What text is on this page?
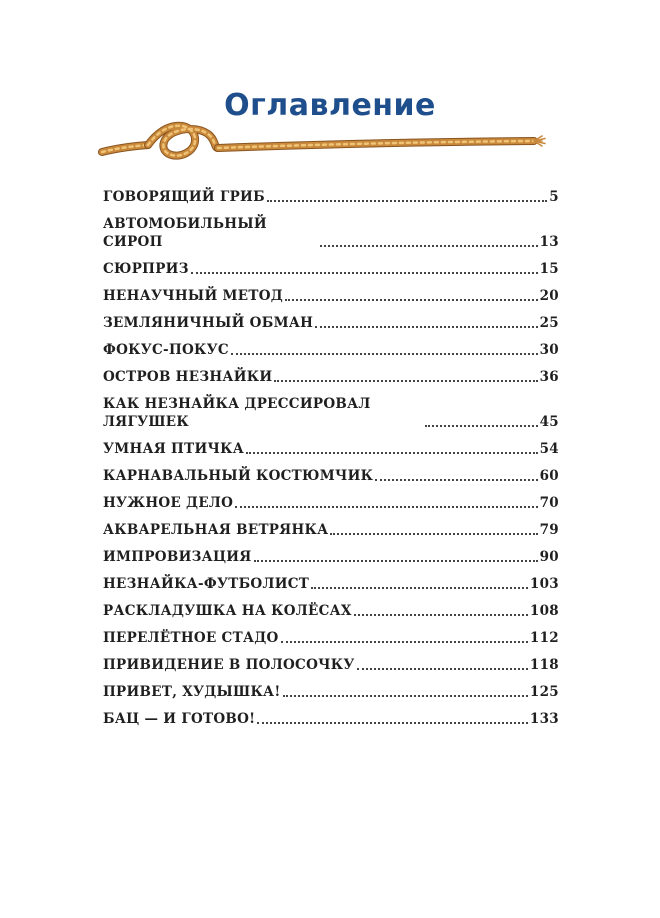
Оглавление
ГОВОРЯЩИЙ ГРИБ	5
АВТОМОБИЛЬНЫЙ СИРОП	13
СЮРПРИЗ	15
НЕНАУЧНЫЙ МЕТОД	20
ЗЕМЛЯНИЧНЫЙ ОБМАН	25
ФОКУС-ПОКУС	30
ОСТРОВ НЕЗНАЙКИ	36
КАК НЕЗНАЙКА ДРЕССИРОВАЛ ЛЯГУШЕК	45
УМНАЯ ПТИЧКА	54
КАРНАВАЛЬНЫЙ КОСТЮМЧИК	60
НУЖНОЕ ДЕЛО	70
АКВАРЕЛЬНАЯ ВЕТРЯНКА	79
ИМПРОВИЗАЦИЯ	90
НЕЗНАЙКА-ФУТБОЛИСТ	103
РАСКЛАДУШКА НА КОЛЁСАХ	108
ПЕРЕЛЁТНОЕ СТАДО	112
ПРИВИДЕНИЕ В ПОЛОСОЧКУ	118
ПРИВЕТ, ХУДЫШКА!	125
БАЦ — И ГОТОВО!	133
